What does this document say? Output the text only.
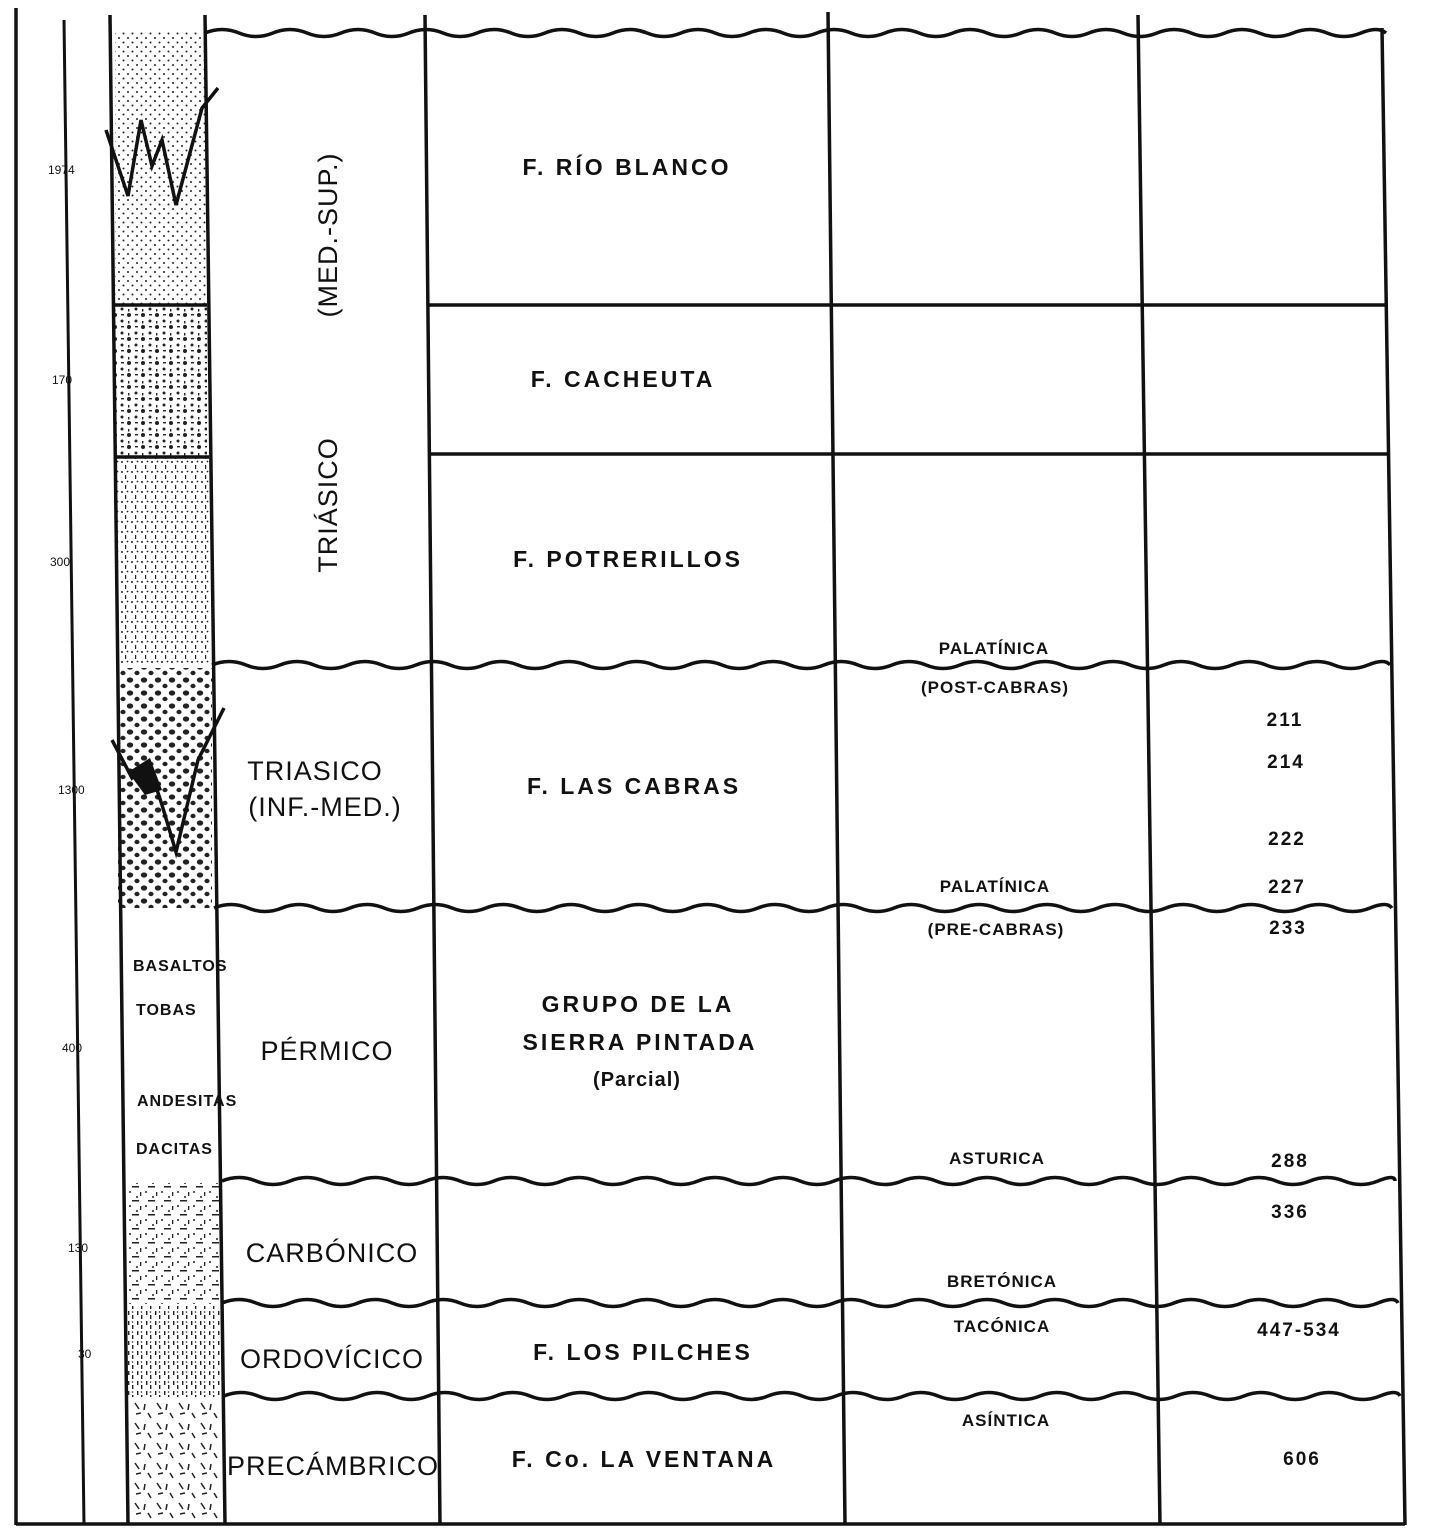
1974
170
300
1300
400
130
30
TRIÁSICO
(MED.-SUP.)
TRIASICO
(INF.-MED.)
PÉRMICO
CARBÓNICO
ORDOVÍCICO
PRECÁMBRICO
BASALTOS
TOBAS
ANDESITAS
DACITAS
F. RÍO BLANCO
F. CACHEUTA
F. POTRERILLOS
F. LAS CABRAS
GRUPO DE LA
SIERRA PINTADA
(Parcial)
F. LOS PILCHES
F. Co. LA VENTANA
PALATÍNICA
(POST-CABRAS)
PALATÍNICA
(PRE-CABRAS)
ASTURICA
BRETÓNICA
TACÓNICA
ASÍNTICA
211
214
222
227
233
288
336
447-534
606
